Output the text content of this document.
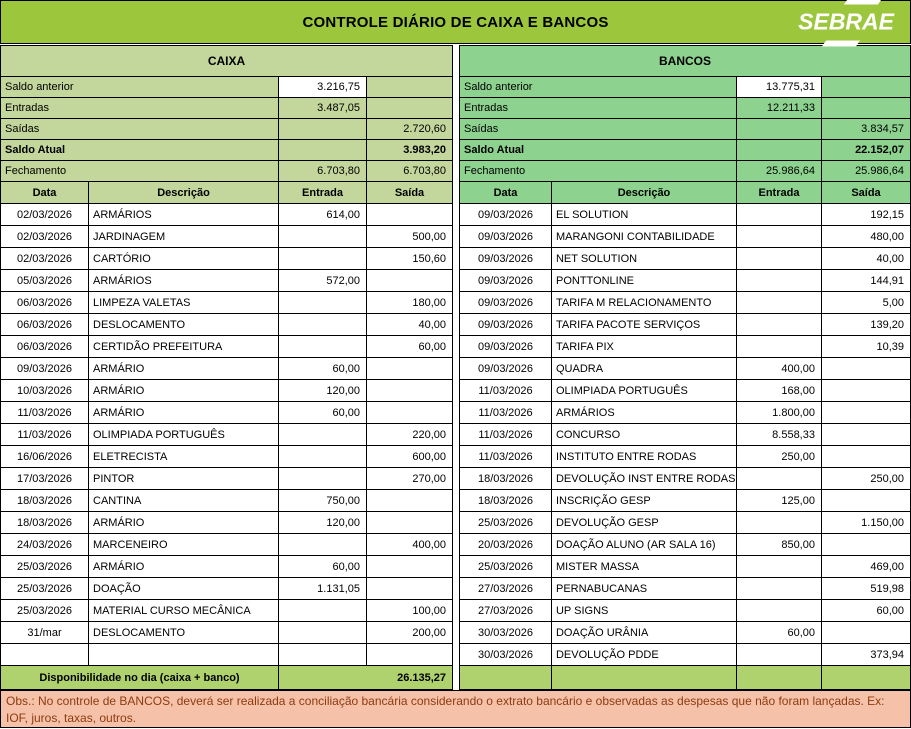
CONTROLE DIÁRIO DE CAIXA E BANCOS	SEBRAE
CAIXA			
Saldo anterior		3.216,75	
Entradas		3.487,05	
Saídas			2.720,60
Saldo Atual			3.983,20
Fechamento		6.703,80	6.703,80
Data	Descrição	Entrada	Saída
02/03/2026	ARMÁRIOS	614,00	
02/03/2026	JARDINAGEM		500,00
02/03/2026	CARTÓRIO		150,60
05/03/2026	ARMÁRIOS	572,00	
06/03/2026	LIMPEZA VALETAS		180,00
06/03/2026	DESLOCAMENTO		40,00
06/03/2026	CERTIDÃO PREFEITURA		60,00
09/03/2026	ARMÁRIO	60,00	
10/03/2026	ARMÁRIO	120,00	
11/03/2026	ARMÁRIO	60,00	
11/03/2026	OLIMPIADA PORTUGUÊS		220,00
16/06/2026	ELETRECISTA		600,00
17/03/2026	PINTOR		270,00
18/03/2026	CANTINA	750,00	
18/03/2026	ARMÁRIO	120,00	
24/03/2026	MARCENEIRO		400,00
25/03/2026	ARMÁRIO	60,00	
25/03/2026	DOAÇÃO	1.131,05	
25/03/2026	MATERIAL CURSO MECÂNICA		100,00
31/mar	DESLOCAMENTO		200,00

Disponibilidade no dia (caixa + banco)		26.135,27	
BANCOS			
Saldo anterior		13.775,31	
Entradas		12.211,33	
Saídas			3.834,57
Saldo Atual			22.152,07
Fechamento		25.986,64	25.986,64
Data	Descrição	Entrada	Saída
09/03/2026	EL SOLUTION		192,15
09/03/2026	MARANGONI CONTABILIDADE		480,00
09/03/2026	NET SOLUTION		40,00
09/03/2026	PONTTONLINE		144,91
09/03/2026	TARIFA M RELACIONAMENTO		5,00
09/03/2026	TARIFA PACOTE SERVIÇOS		139,20
09/03/2026	TARIFA PIX		10,39
09/03/2026	QUADRA	400,00	
11/03/2026	OLIMPIADA PORTUGUÊS	168,00	
11/03/2026	ARMÁRIOS	1.800,00	
11/03/2026	CONCURSO	8.558,33	
11/03/2026	INSTITUTO ENTRE RODAS	250,00	
18/03/2026	DEVOLUÇÃO INST ENTRE RODAS		250,00
18/03/2026	INSCRIÇÃO GESP	125,00	
25/03/2026	DEVOLUÇÃO GESP		1.150,00
20/03/2026	DOAÇÃO ALUNO (AR SALA 16)	850,00	
25/03/2026	MISTER MASSA		469,00
27/03/2026	PERNABUCANAS		519,98
27/03/2026	UP SIGNS		60,00
30/03/2026	DOAÇÃO URÂNIA	60,00	
30/03/2026	DEVOLUÇÃO PDDE		373,94

Obs.: No controle de BANCOS, deverá ser realizada a conciliação bancária considerando o extrato bancário e observadas as despesas que não foram lançadas. Ex: IOF, juros, taxas, outros.
